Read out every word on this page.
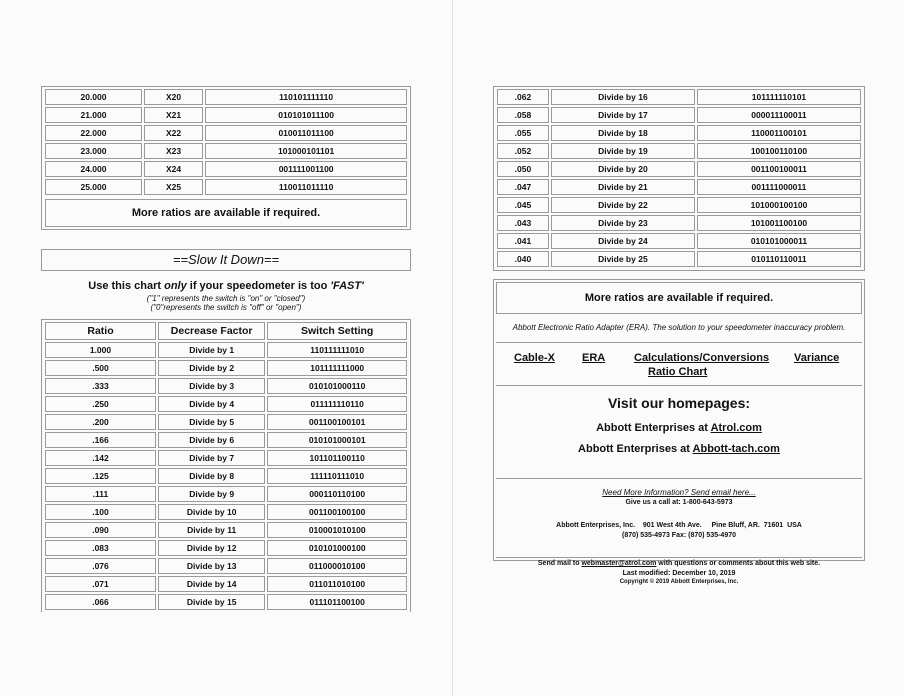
20.000	X20	110101111110
21.000	X21	010101011100
22.000	X22	010011011100
23.000	X23	101000101101
24.000	X24	001111001100
25.000	X25	110011011110
More ratios are available if required.
==Slow It Down==
Use this chart only if your speedometer is too 'FAST'
("1" represents the switch is "on" or "closed")
("0"represents the switch is "off" or "open")
Ratio	Decrease Factor	Switch Setting
1.000	Divide by 1	110111111010
.500	Divide by 2	101111111000
.333	Divide by 3	010101000110
.250	Divide by 4	011111110110
.200	Divide by 5	001100100101
.166	Divide by 6	010101000101
.142	Divide by 7	101101100110
.125	Divide by 8	111110111010
.111	Divide by 9	000110110100
.100	Divide by 10	001100100100
.090	Divide by 11	010001010100
.083	Divide by 12	010101000100
.076	Divide by 13	011000010100
.071	Divide by 14	011011010100
.066	Divide by 15	011101100100
.062	Divide by 16	101111110101
.058	Divide by 17	000011100011
.055	Divide by 18	110001100101
.052	Divide by 19	100100110100
.050	Divide by 20	001100100011
.047	Divide by 21	001111000011
.045	Divide by 22	101000100100
.043	Divide by 23	101001100100
.041	Divide by 24	010101000011
.040	Divide by 25	010110110011
More ratios are available if required.
Abbott Electronic Ratio Adapter (ERA). The solution to your speedometer inaccuracy problem.
Cable-X ERA	Calculations/Conversions Variance
Ratio Chart
Visit our homepages:
Abbott Enterprises at Atrol.com
Abbott Enterprises at Abbott-tach.com
Need More Information? Send email here...
Give us a call at: 1-800-643-5973
Abbott Enterprises, Inc.    901 West 4th Ave.     Pine Bluff, AR.  71601  USA
(870) 535-4973 Fax: (870) 535-4970
Send mail to webmaster@atrol.com with questions or comments about this web site.
Last modified: December 10, 2019
Copyright © 2019 Abbott Enterprises, Inc.
